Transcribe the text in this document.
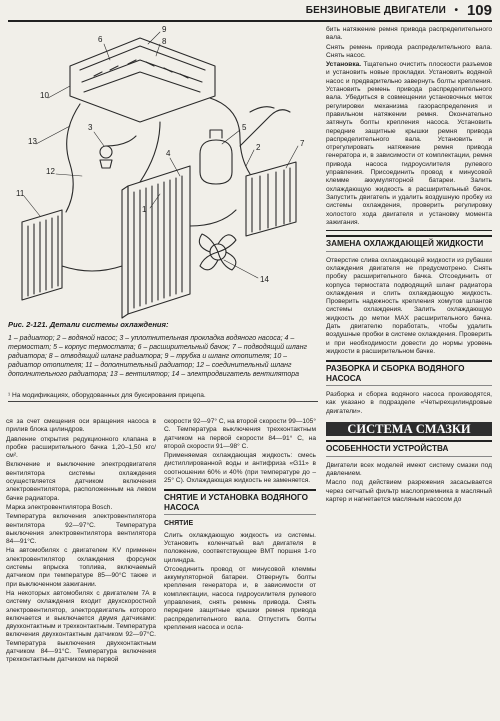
БЕНЗИНОВЫЕ ДВИГАТЕЛИ • 109
9
8
6
10
13
11
4
5
2	7
3
12
1
14
Рис. 2-121. Детали системы охлаждения:
1 – радиатор; 2 – водяной насос; 3 – уплотнительная прокладка водяного насоса; 4 – термостат; 5 – корпус термостата; 6 – расширительный бачок; 7 – подводящий шланг радиатора; 8 – отводящий шланг радиатора; 9 – трубка и шланг отопителя; 10 – радиатор отопителя; 11 – дополнительный радиатор; 12 – соединительный шланг дополнительного радиатора; 13 – вентилятор; 14 – электродвигатель вентилятора
¹ На модификациях, оборудованных для буксирования прицепа.

ся за счет смещения оси вращения насоса в прилив блока цилиндров.

Давление открытия редукционного клапана в пробке расширительного бачка 1,20–1,50 кгс/см².

Включение и выключение электродвигателя вентилятора системы охлаждения осуществляется датчиком включения электровентилятора, расположенным на левом бачке радиатора.

Марка электровентилятора Bosch.

Температура включения электровентилятора вентилятора 92—97°С. Температура выключения электровентилятора вентилятора 84—91°С.

На автомобилях с двигателем KV применен электровентилятор охлаждения форсунок системы впрыска топлива, включаемый датчиком при температуре 85—90°С также и при выключенном зажигании.

На некоторых автомобилях с двигателем 7A в систему охлаждения входит двухскоростной электровентилятор, электродвигатель которого включается и выключается двумя датчиками: двухконтактным и трехконтактным. Температура включения двухконтактным датчиком 92—97°С. Температура выключения двухконтактным датчиком 84—91°С. Температура включения трехконтактным датчиком на первой

скорости 92—97° С, на второй скорости 99—105° С. Температура выключения трехконтактным датчиком на первой скорости 84—91° С, на второй скорости 91—98° С.

Применяемая охлаждающая жидкость: смесь дистиллированной воды и антифриза «G11» в соотношении 60% и 40% (при температуре до –25° С). Охлаждающая жидкость не заменяется.

СНЯТИЕ И УСТАНОВКА ВОДЯНОГО НАСОСА
СНЯТИЕ

Слить охлаждающую жидкость из системы. Установить коленчатый вал двигателя в положение, соответствующее ВМТ поршня 1-го цилиндра.

Отсоединить провод от минусовой клеммы аккумуляторной батареи. Отвернуть болты крепления генератора и, в зависимости от комплектации, насоса гидроусилителя рулевого управления, снять ремень привода. Снять передние защитные крышки ремня привода распределительного вала. Отпустить болты крепления насоса и осла-

бить натяжение ремня привода распределительного вала.

Снять ремень привода распределительного вала. Снять насос.

Установка. Тщательно очистить плоскости разъемов и установить новые прокладки. Установить водяной насос и предварительно завернуть болты крепления. Установить ремень привода распределительного вала. Убедиться в совмещении установочных меток регулировки механизма газораспределения и правильном натяжении ремня. Окончательно затянуть болты крепления насоса. Установить передние защитные крышки ремня привода распределительного вала. Установить и отрегулировать натяжение ремня привода генератора и, в зависимости от комплектации, ремня привода насоса гидроусилителя рулевого управления. Присоединить провод к минусовой клемме аккумуляторной батареи. Залить охлаждающую жидкость в расширительный бачок. Запустить двигатель и удалить воздушную пробку из системы охлаждения, проверить регулировку холостого хода двигателя и установку момента зажигания.

ЗАМЕНА ОХЛАЖДАЮЩЕЙ ЖИДКОСТИ

Отверстие слива охлаждающей жидкости из рубашки охлаждения двигателя не предусмотрено. Снять пробку расширительного бачка. Отсоединить от корпуса термостата подводящий шланг радиатора охлаждения и слить охлаждающую жидкость. Проверить надежность крепления хомутов шлангов системы охлаждения. Залить охлаждающую жидкость до метки MAX расширительного бачка. Дать двигателю поработать, чтобы удалить воздушные пробки в системе охлаждения. Проверить и при необходимости довести до нормы уровень жидкости в расширительном бачке.

РАЗБОРКА И СБОРКА ВОДЯНОГО НАСОСА

Разборка и сборка водяного насоса производятся, как указано в подразделе «Четырехцилиндровые двигатели».

СИСТЕМА СМАЗКИ
ОСОБЕННОСТИ УСТРОЙСТВА

Двигатели всех моделей имеют систему смазки под давлением.

Масло под действием разрежения засасывается через сетчатый фильтр маслоприемника в масляный картер и нагнетается масляным насосом до
